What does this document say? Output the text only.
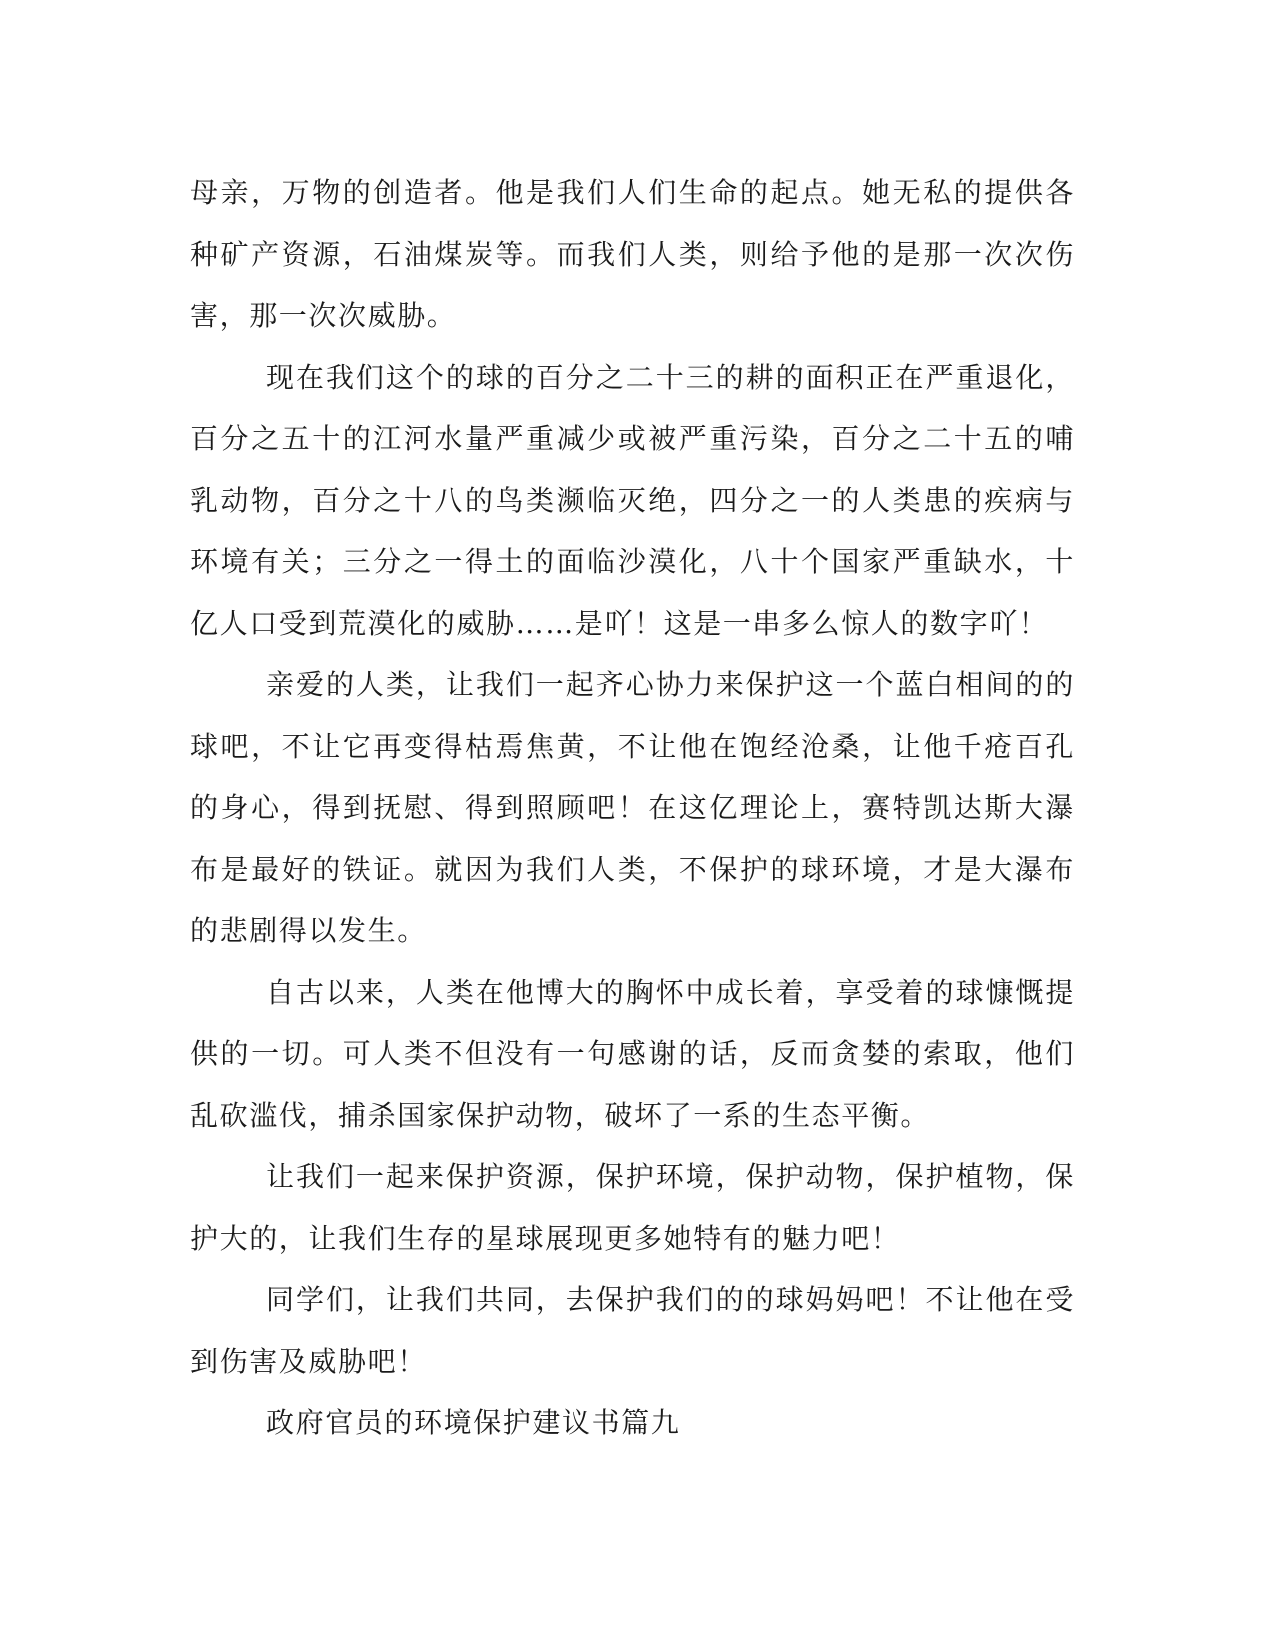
母亲，万物的创造者。他是我们人们生命的起点。她无私的提供各种矿产资源，石油煤炭等。而我们人类，则给予他的是那一次次伤害，那一次次威胁。

现在我们这个的球的百分之二十三的耕的面积正在严重退化，百分之五十的江河水量严重减少或被严重污染，百分之二十五的哺乳动物，百分之十八的鸟类濒临灭绝，四分之一的人类患的疾病与环境有关；三分之一得土的面临沙漠化，八十个国家严重缺水，十亿人口受到荒漠化的威胁……是吖！这是一串多么惊人的数字吖！

亲爱的人类，让我们一起齐心协力来保护这一个蓝白相间的的球吧，不让它再变得枯焉焦黄，不让他在饱经沧桑，让他千疮百孔的身心，得到抚慰、得到照顾吧！在这亿理论上，赛特凯达斯大瀑布是最好的铁证。就因为我们人类，不保护的球环境，才是大瀑布的悲剧得以发生。

自古以来，人类在他博大的胸怀中成长着，享受着的球慷慨提供的一切。可人类不但没有一句感谢的话，反而贪婪的索取，他们乱砍滥伐，捕杀国家保护动物，破坏了一系的生态平衡。

让我们一起来保护资源，保护环境，保护动物，保护植物，保护大的，让我们生存的星球展现更多她特有的魅力吧！

同学们，让我们共同，去保护我们的的球妈妈吧！不让他在受到伤害及威胁吧！

政府官员的环境保护建议书篇九
